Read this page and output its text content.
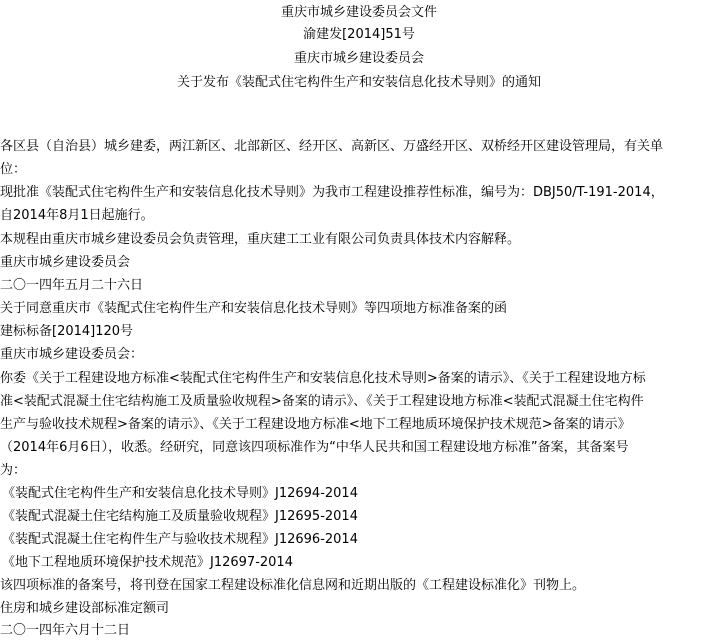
重庆市城乡建设委员会文件
渝建发[2014]51号
重庆市城乡建设委员会
关于发布《装配式住宅构件生产和安装信息化技术导则》的通知
各区县（自治县）城乡建委，两江新区、北部新区、经开区、高新区、万盛经开区、双桥经开区建设管理局，有关单
位：
现批准《装配式住宅构件生产和安装信息化技术导则》为我市工程建设推荐性标准，编号为：DBJ50/T-191-2014，
自2014年8月1日起施行。
本规程由重庆市城乡建设委员会负责管理，重庆建工工业有限公司负责具体技术内容解释。
重庆市城乡建设委员会
二〇一四年五月二十六日
关于同意重庆市《装配式住宅构件生产和安装信息化技术导则》等四项地方标准备案的函
建标标备[2014]120号
重庆市城乡建设委员会：
你委《关于工程建设地方标准<装配式住宅构件生产和安装信息化技术导则>备案的请示》、《关于工程建设地方标
准<装配式混凝土住宅结构施工及质量验收规程>备案的请示》、《关于工程建设地方标准<装配式混凝土住宅构件
生产与验收技术规程>备案的请示》、《关于工程建设地方标准<地下工程地质环境保护技术规范>备案的请示》
（2014年6月6日），收悉。经研究，同意该四项标准作为“中华人民共和国工程建设地方标准”备案，其备案号
为：
《装配式住宅构件生产和安装信息化技术导则》J12694-2014
《装配式混凝土住宅结构施工及质量验收规程》J12695-2014
《装配式混凝土住宅构件生产与验收技术规程》J12696-2014
《地下工程地质环境保护技术规范》J12697-2014
该四项标准的备案号，将刊登在国家工程建设标准化信息网和近期出版的《工程建设标准化》刊物上。
住房和城乡建设部标准定额司
二〇一四年六月十二日
